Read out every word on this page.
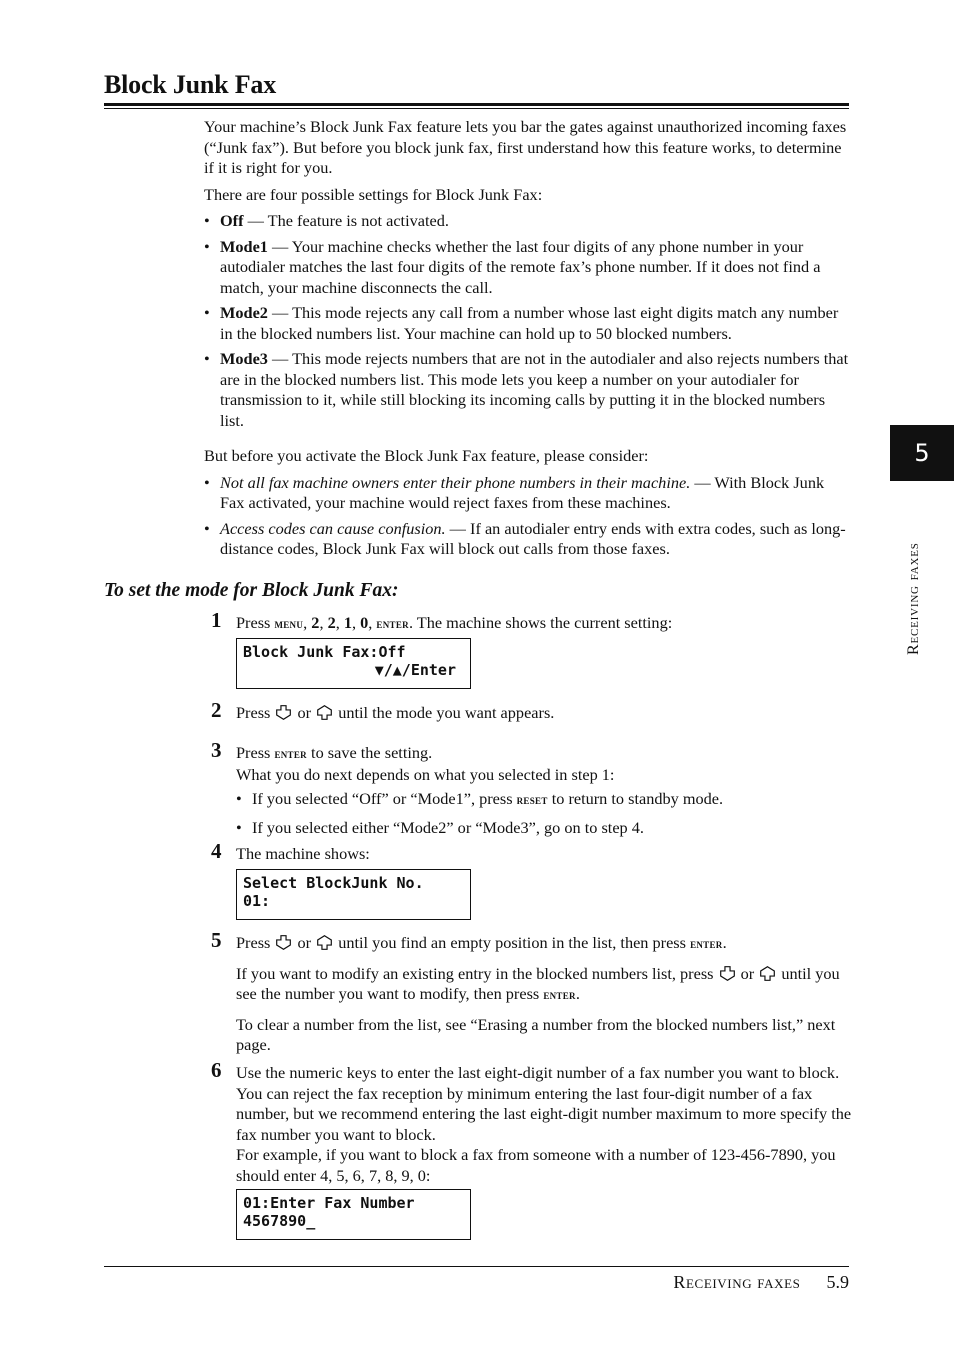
Block Junk Fax

Your machine’s Block Junk Fax feature lets you bar the gates against unauthorized incoming faxes (“Junk fax”). But before you block junk fax, first understand how this feature works, to determine if it is right for you.

There are four possible settings for Block Junk Fax:

• Off — The feature is not activated.
• Mode1 — Your machine checks whether the last four digits of any phone number in your autodialer matches the last four digits of the remote fax’s phone number. If it does not find a match, your machine disconnects the call.
• Mode2 — This mode rejects any call from a number whose last eight digits match any number in the blocked numbers list. Your machine can hold up to 50 blocked numbers.
• Mode3 — This mode rejects numbers that are not in the autodialer and also rejects numbers that are in the blocked numbers list. This mode lets you keep a number on your autodialer for transmission to it, while still blocking its incoming calls by putting it in the blocked numbers list.

But before you activate the Block Junk Fax feature, please consider:

• Not all fax machine owners enter their phone numbers in their machine. — With Block Junk Fax activated, your machine would reject faxes from these machines.
• Access codes can cause confusion. — If an autodialer entry ends with extra codes, such as long-distance codes, Block Junk Fax will block out calls from those faxes.
To set the mode for Block Junk Fax:
1 Press menu, 2, 2, 1, 0, enter. The machine shows the current setting:

Block Junk Fax:Off
▼/▲/Enter
2 Press  or  until the mode you want appears.

3 Press enter to save the setting.

What you do next depends on what you selected in step 1:

• If you selected “Off” or “Mode1”, press reset to return to standby mode.
• If you selected either “Mode2” or “Mode3”, go on to step 4.
4 The machine shows:

Select BlockJunk No.
01:
5 Press  or  until you find an empty position in the list, then press enter.

If you want to modify an existing entry in the blocked numbers list, press  or  until you see the number you want to modify, then press enter.

To clear a number from the list, see “Erasing a number from the blocked numbers list,” next page.

6 Use the numeric keys to enter the last eight-digit number of a fax number you want to block. You can reject the fax reception by minimum entering the last four-digit number of a fax number, but we recommend entering the last eight-digit number maximum to more specify the fax number you want to block.

For example, if you want to block a fax from someone with a number of 123-456-7890, you should enter 4, 5, 6, 7, 8, 9, 0:

01:Enter Fax Number
4567890_
5
Receiving faxes
Receiving faxes 5.9
